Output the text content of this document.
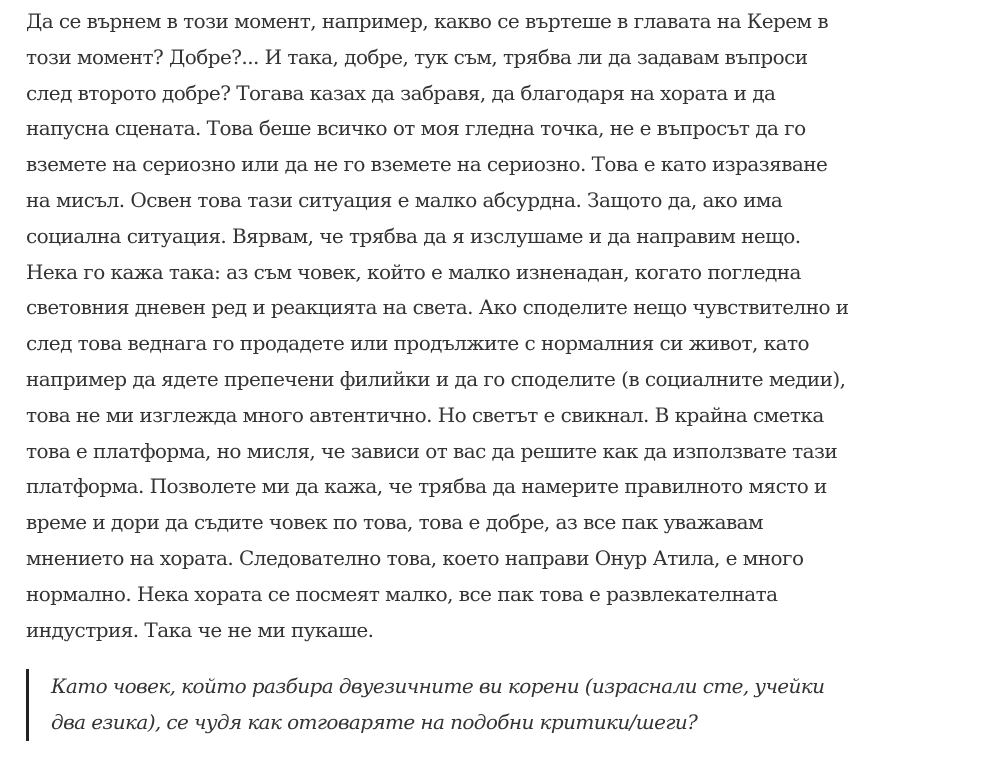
Да се върнем в този момент, например, какво се въртеше в главата на Керем в
този момент? Добре?... И така, добре, тук съм, трябва ли да задавам въпроси
след второто добре? Тогава казах да забравя, да благодаря на хората и да
напусна сцената. Това беше всичко от моя гледна точка, не е въпросът да го
вземете на сериозно или да не го вземете на сериозно. Това е като изразяване
на мисъл. Освен това тази ситуация е малко абсурдна. Защото да, ако има
социална ситуация. Вярвам, че трябва да я изслушаме и да направим нещо.
Нека го кажа така: аз съм човек, който е малко изненадан, когато погледна
световния дневен ред и реакцията на света. Ако споделите нещо чувствително и
след това веднага го продадете или продължите с нормалния си живот, като
например да ядете препечени филийки и да го споделите (в социалните медии),
това не ми изглежда много автентично. Но светът е свикнал. В крайна сметка
това е платформа, но мисля, че зависи от вас да решите как да използвате тази
платформа. Позволете ми да кажа, че трябва да намерите правилното място и
време и дори да съдите човек по това, това е добре, аз все пак уважавам
мнението на хората. Следователно това, което направи Онур Атила, е много
нормално. Нека хората се посмеят малко, все пак това е развлекателната
индустрия. Така че не ми пукаше.

Като човек, който разбира двуезичните ви корени (израснали сте, учейки
два езика), се чудя как отговаряте на подобни критики/шеги?
